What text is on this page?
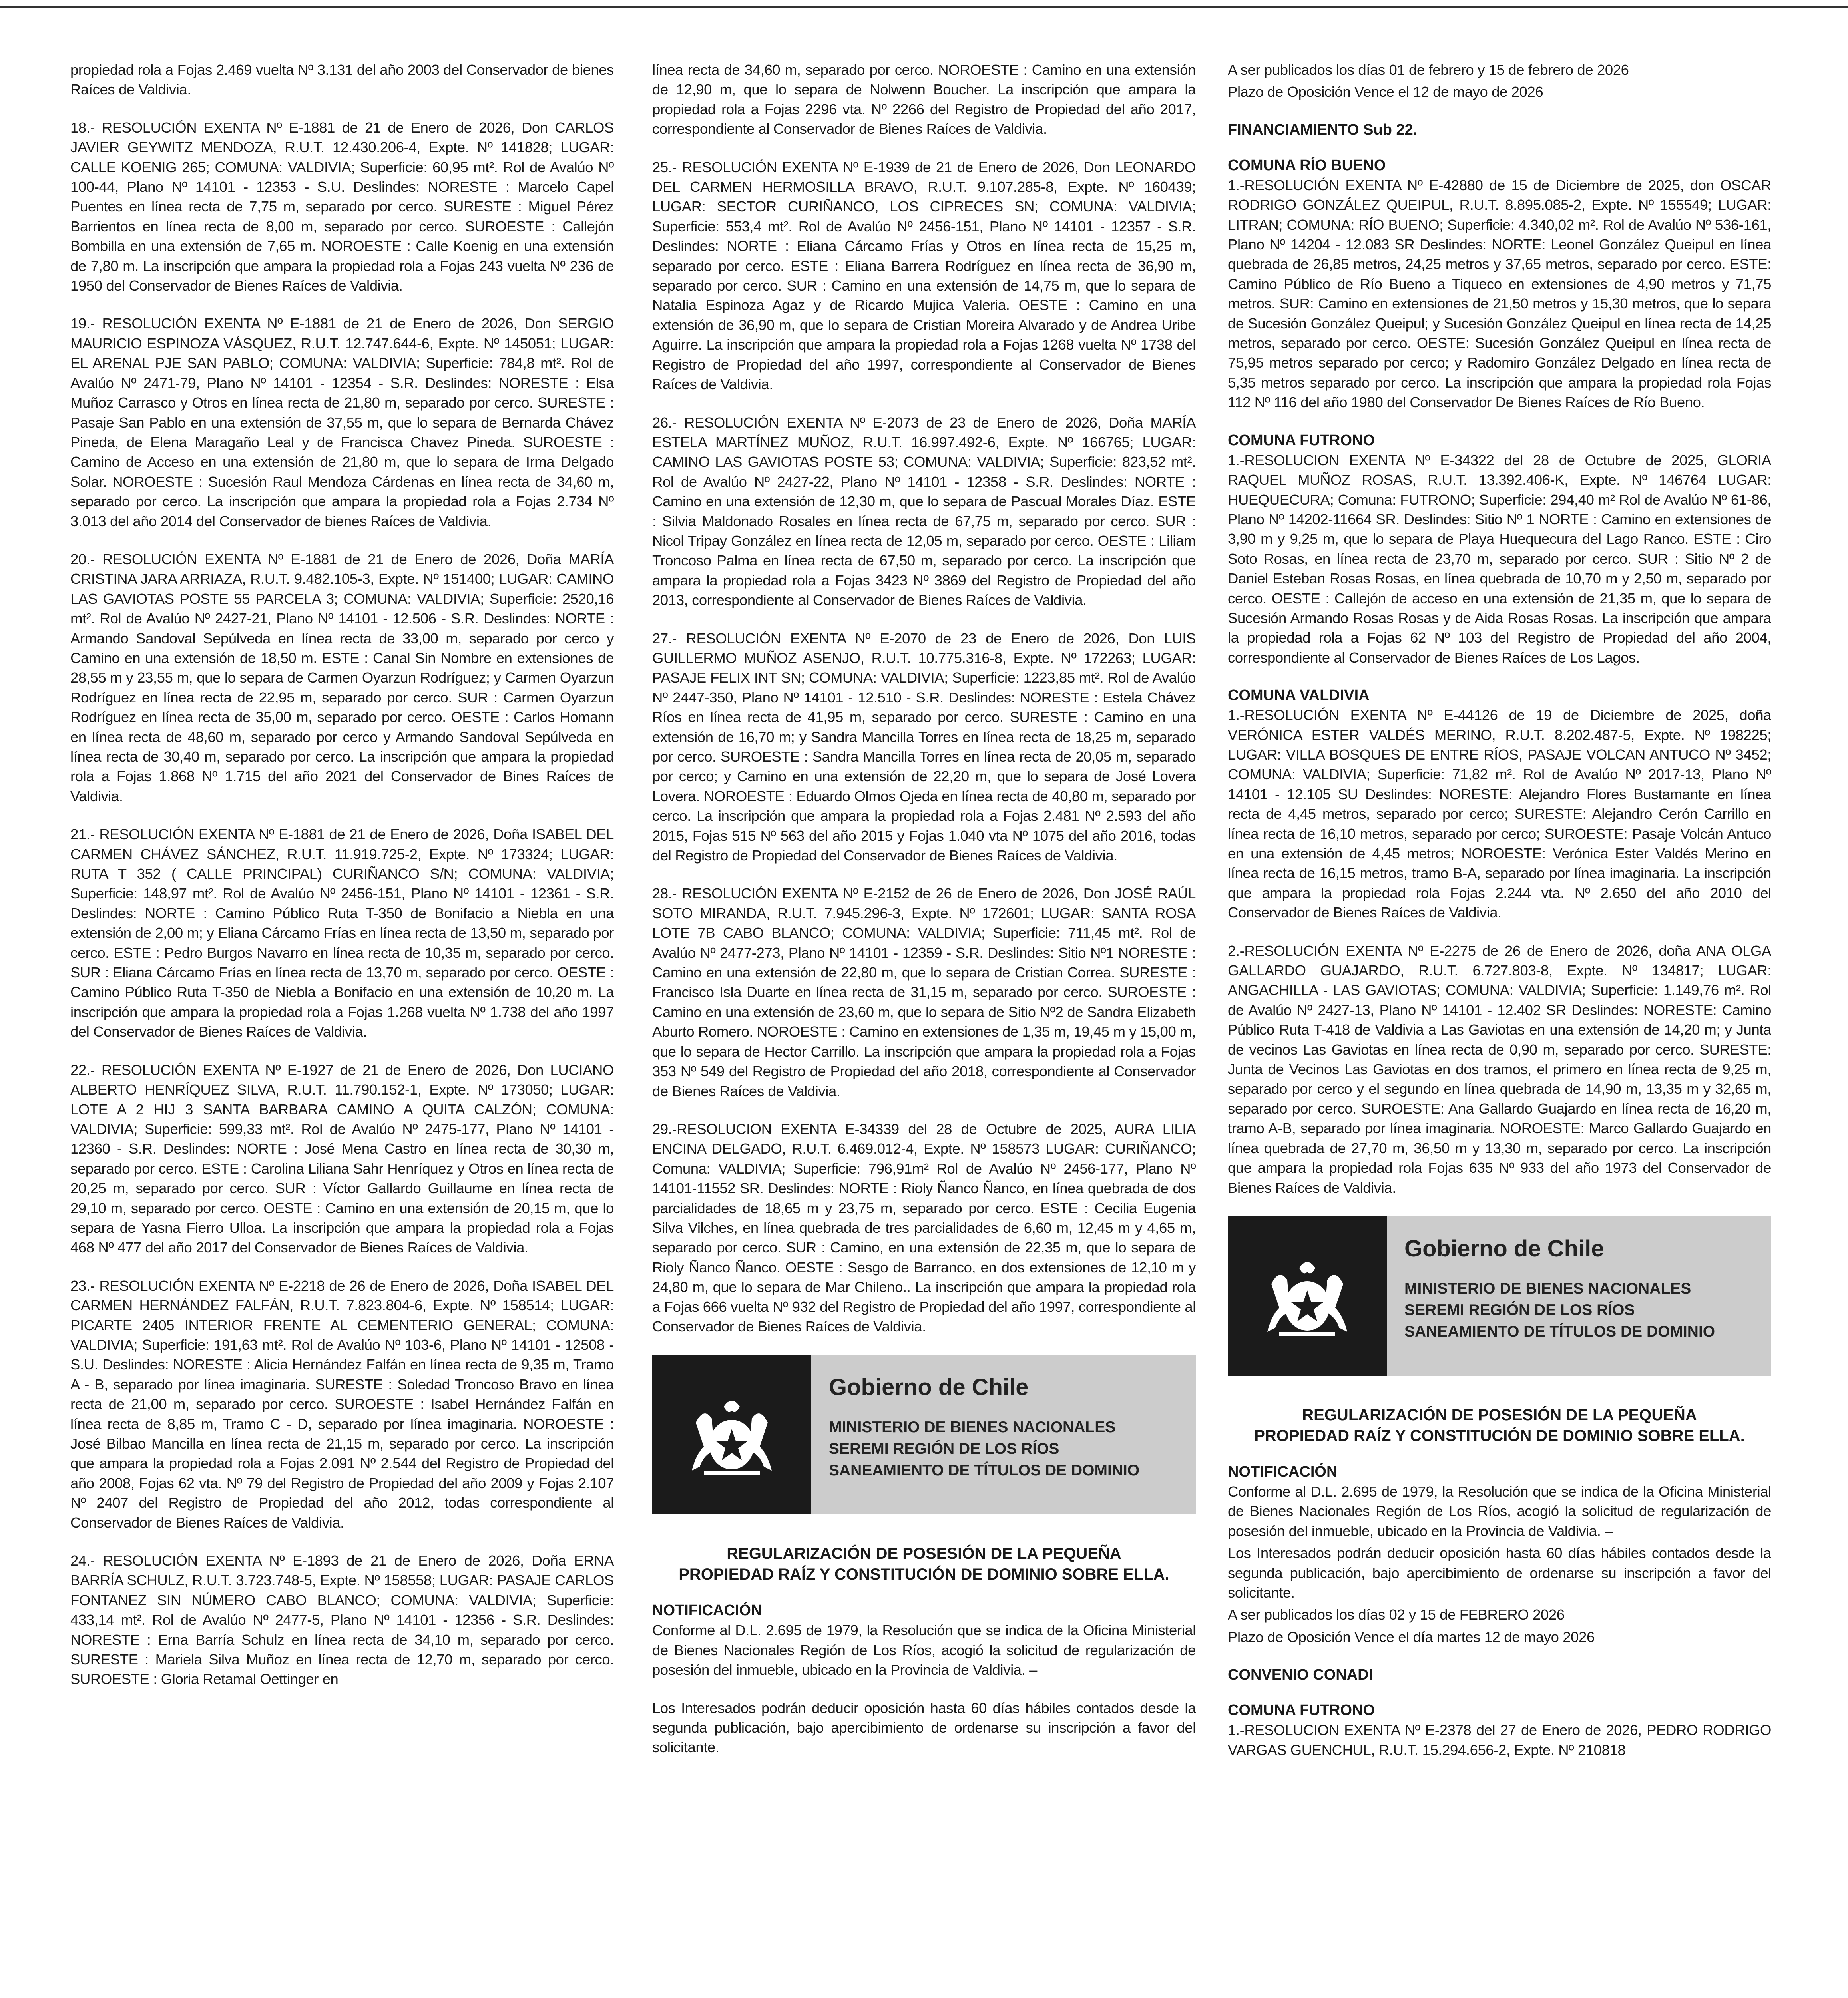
propiedad rola a Fojas 2.469 vuelta Nº 3.131 del año 2003 del Conservador de bienes Raíces de Valdivia.

18.- RESOLUCIÓN EXENTA Nº E-1881 de 21 de Enero de 2026, Don CARLOS JAVIER GEYWITZ MENDOZA, R.U.T. 12.430.206-4, Expte. Nº 141828; LUGAR: CALLE KOENIG 265; COMUNA: VALDIVIA; Superficie: 60,95 mt². Rol de Avalúo Nº 100-44, Plano Nº 14101 - 12353 - S.U. Deslindes: NORESTE : Marcelo Capel Puentes en línea recta de 7,75 m, separado por cerco. SURESTE : Miguel Pérez Barrientos en línea recta de 8,00 m, separado por cerco. SUROESTE : Callejón Bombilla en una extensión de 7,65 m. NOROESTE : Calle Koenig en una extensión de 7,80 m. La inscripción que ampara la propiedad rola a Fojas 243 vuelta Nº 236 de 1950 del Conservador de Bienes Raíces de Valdivia.

19.- RESOLUCIÓN EXENTA Nº E-1881 de 21 de Enero de 2026, Don SERGIO MAURICIO ESPINOZA VÁSQUEZ, R.U.T. 12.747.644-6, Expte. Nº 145051; LUGAR: EL ARENAL PJE SAN PABLO; COMUNA: VALDIVIA; Superficie: 784,8 mt². Rol de Avalúo Nº 2471-79, Plano Nº 14101 - 12354 - S.R. Deslindes: NORESTE : Elsa Muñoz Carrasco y Otros en línea recta de 21,80 m, separado por cerco. SURESTE : Pasaje San Pablo en una extensión de 37,55 m, que lo separa de Bernarda Chávez Pineda, de Elena Maragaño Leal y de Francisca Chavez Pineda. SUROESTE : Camino de Acceso en una extensión de 21,80 m, que lo separa de Irma Delgado Solar. NOROESTE : Sucesión Raul Mendoza Cárdenas en línea recta de 34,60 m, separado por cerco. La inscripción que ampara la propiedad rola a Fojas 2.734 Nº 3.013 del año 2014 del Conservador de bienes Raíces de Valdivia.

20.- RESOLUCIÓN EXENTA Nº E-1881 de 21 de Enero de 2026, Doña MARÍA CRISTINA JARA ARRIAZA, R.U.T. 9.482.105-3, Expte. Nº 151400; LUGAR: CAMINO LAS GAVIOTAS POSTE 55 PARCELA 3; COMUNA: VALDIVIA; Superficie: 2520,16 mt². Rol de Avalúo Nº 2427-21, Plano Nº 14101 - 12.506 - S.R. Deslindes: NORTE : Armando Sandoval Sepúlveda en línea recta de 33,00 m, separado por cerco y Camino en una extensión de 18,50 m. ESTE : Canal Sin Nombre en extensiones de 28,55 m y 23,55 m, que lo separa de Carmen Oyarzun Rodríguez; y Carmen Oyarzun Rodríguez en línea recta de 22,95 m, separado por cerco. SUR : Carmen Oyarzun Rodríguez en línea recta de 35,00 m, separado por cerco. OESTE : Carlos Homann en línea recta de 48,60 m, separado por cerco y Armando Sandoval Sepúlveda en línea recta de 30,40 m, separado por cerco. La inscripción que ampara la propiedad rola a Fojas 1.868 Nº 1.715 del año 2021 del Conservador de Bines Raíces de Valdivia.

21.- RESOLUCIÓN EXENTA Nº E-1881 de 21 de Enero de 2026, Doña ISABEL DEL CARMEN CHÁVEZ SÁNCHEZ, R.U.T. 11.919.725-2, Expte. Nº 173324; LUGAR: RUTA T 352 ( CALLE PRINCIPAL) CURIÑANCO S/N; COMUNA: VALDIVIA; Superficie: 148,97 mt². Rol de Avalúo Nº 2456-151, Plano Nº 14101 - 12361 - S.R. Deslindes: NORTE : Camino Público Ruta T-350 de Bonifacio a Niebla en una extensión de 2,00 m; y Eliana Cárcamo Frías en línea recta de 13,50 m, separado por cerco. ESTE : Pedro Burgos Navarro en línea recta de 10,35 m, separado por cerco. SUR : Eliana Cárcamo Frías en línea recta de 13,70 m, separado por cerco. OESTE : Camino Público Ruta T-350 de Niebla a Bonifacio en una extensión de 10,20 m. La inscripción que ampara la propiedad rola a Fojas 1.268 vuelta Nº 1.738 del año 1997 del Conservador de Bienes Raíces de Valdivia.

22.- RESOLUCIÓN EXENTA Nº E-1927 de 21 de Enero de 2026, Don LUCIANO ALBERTO HENRÍQUEZ SILVA, R.U.T. 11.790.152-1, Expte. Nº 173050; LUGAR: LOTE A 2 HIJ 3 SANTA BARBARA CAMINO A QUITA CALZÓN; COMUNA: VALDIVIA; Superficie: 599,33 mt². Rol de Avalúo Nº 2475-177, Plano Nº 14101 - 12360 - S.R. Deslindes: NORTE : José Mena Castro en línea recta de 30,30 m, separado por cerco. ESTE : Carolina Liliana Sahr Henríquez y Otros en línea recta de 20,25 m, separado por cerco. SUR : Víctor Gallardo Guillaume en línea recta de 29,10 m, separado por cerco. OESTE : Camino en una extensión de 20,15 m, que lo separa de Yasna Fierro Ulloa. La inscripción que ampara la propiedad rola a Fojas 468 Nº 477 del año 2017 del Conservador de Bienes Raíces de Valdivia.

23.- RESOLUCIÓN EXENTA Nº E-2218 de 26 de Enero de 2026, Doña ISABEL DEL CARMEN HERNÁNDEZ FALFÁN, R.U.T. 7.823.804-6, Expte. Nº 158514; LUGAR: PICARTE 2405 INTERIOR FRENTE AL CEMENTERIO GENERAL; COMUNA: VALDIVIA; Superficie: 191,63 mt². Rol de Avalúo Nº 103-6, Plano Nº 14101 - 12508 - S.U. Deslindes: NORESTE : Alicia Hernández Falfán en línea recta de 9,35 m, Tramo A - B, separado por línea imaginaria. SURESTE : Soledad Troncoso Bravo en línea recta de 21,00 m, separado por cerco. SUROESTE : Isabel Hernández Falfán en línea recta de 8,85 m, Tramo C - D, separado por línea imaginaria. NOROESTE : José Bilbao Mancilla en línea recta de 21,15 m, separado por cerco. La inscripción que ampara la propiedad rola a Fojas 2.091 Nº 2.544 del Registro de Propiedad del año 2008, Fojas 62 vta. Nº 79 del Registro de Propiedad del año 2009 y Fojas 2.107 Nº 2407 del Registro de Propiedad del año 2012, todas correspondiente al Conservador de Bienes Raíces de Valdivia.

24.- RESOLUCIÓN EXENTA Nº E-1893 de 21 de Enero de 2026, Doña ERNA BARRÍA SCHULZ, R.U.T. 3.723.748-5, Expte. Nº 158558; LUGAR: PASAJE CARLOS FONTANEZ SIN NÚMERO CABO BLANCO; COMUNA: VALDIVIA; Superficie: 433,14 mt². Rol de Avalúo Nº 2477-5, Plano Nº 14101 - 12356 - S.R. Deslindes: NORESTE : Erna Barría Schulz en línea recta de 34,10 m, separado por cerco. SURESTE : Mariela Silva Muñoz en línea recta de 12,70 m, separado por cerco. SUROESTE : Gloria Retamal Oettinger en

línea recta de 34,60 m, separado por cerco. NOROESTE : Camino en una extensión de 12,90 m, que lo separa de Nolwenn Boucher. La inscripción que ampara la propiedad rola a Fojas 2296 vta. Nº 2266 del Registro de Propiedad del año 2017, correspondiente al Conservador de Bienes Raíces de Valdivia.

25.- RESOLUCIÓN EXENTA Nº E-1939 de 21 de Enero de 2026, Don LEONARDO DEL CARMEN HERMOSILLA BRAVO, R.U.T. 9.107.285-8, Expte. Nº 160439; LUGAR: SECTOR CURIÑANCO, LOS CIPRECES SN; COMUNA: VALDIVIA; Superficie: 553,4 mt². Rol de Avalúo Nº 2456-151, Plano Nº 14101 - 12357 - S.R. Deslindes: NORTE : Eliana Cárcamo Frías y Otros en línea recta de 15,25 m, separado por cerco. ESTE : Eliana Barrera Rodríguez en línea recta de 36,90 m, separado por cerco. SUR : Camino en una extensión de 14,75 m, que lo separa de Natalia Espinoza Agaz y de Ricardo Mujica Valeria. OESTE : Camino en una extensión de 36,90 m, que lo separa de Cristian Moreira Alvarado y de Andrea Uribe Aguirre. La inscripción que ampara la propiedad rola a Fojas 1268 vuelta Nº 1738 del Registro de Propiedad del año 1997, correspondiente al Conservador de Bienes Raíces de Valdivia.

26.- RESOLUCIÓN EXENTA Nº E-2073 de 23 de Enero de 2026, Doña MARÍA ESTELA MARTÍNEZ MUÑOZ, R.U.T. 16.997.492-6, Expte. Nº 166765; LUGAR: CAMINO LAS GAVIOTAS POSTE 53; COMUNA: VALDIVIA; Superficie: 823,52 mt². Rol de Avalúo Nº 2427-22, Plano Nº 14101 - 12358 - S.R. Deslindes: NORTE : Camino en una extensión de 12,30 m, que lo separa de Pascual Morales Díaz. ESTE : Silvia Maldonado Rosales en línea recta de 67,75 m, separado por cerco. SUR : Nicol Tripay González en línea recta de 12,05 m, separado por cerco. OESTE : Liliam Troncoso Palma en línea recta de 67,50 m, separado por cerco. La inscripción que ampara la propiedad rola a Fojas 3423 Nº 3869 del Registro de Propiedad del año 2013, correspondiente al Conservador de Bienes Raíces de Valdivia.

27.- RESOLUCIÓN EXENTA Nº E-2070 de 23 de Enero de 2026, Don LUIS GUILLERMO MUÑOZ ASENJO, R.U.T. 10.775.316-8, Expte. Nº 172263; LUGAR: PASAJE FELIX INT SN; COMUNA: VALDIVIA; Superficie: 1223,85 mt². Rol de Avalúo Nº 2447-350, Plano Nº 14101 - 12.510 - S.R. Deslindes: NORESTE : Estela Chávez Ríos en línea recta de 41,95 m, separado por cerco. SURESTE : Camino en una extensión de 16,70 m; y Sandra Mancilla Torres en línea recta de 18,25 m, separado por cerco. SUROESTE : Sandra Mancilla Torres en línea recta de 20,05 m, separado por cerco; y Camino en una extensión de 22,20 m, que lo separa de José Lovera Lovera. NOROESTE : Eduardo Olmos Ojeda en línea recta de 40,80 m, separado por cerco. La inscripción que ampara la propiedad rola a Fojas 2.481 Nº 2.593 del año 2015, Fojas 515 Nº 563 del año 2015 y Fojas 1.040 vta Nº 1075 del año 2016, todas del Registro de Propiedad del Conservador de Bienes Raíces de Valdivia.

28.- RESOLUCIÓN EXENTA Nº E-2152 de 26 de Enero de 2026, Don JOSÉ RAÚL SOTO MIRANDA, R.U.T. 7.945.296-3, Expte. Nº 172601; LUGAR: SANTA ROSA LOTE 7B CABO BLANCO; COMUNA: VALDIVIA; Superficie: 711,45 mt². Rol de Avalúo Nº 2477-273, Plano Nº 14101 - 12359 - S.R. Deslindes: Sitio Nº1 NORESTE : Camino en una extensión de 22,80 m, que lo separa de Cristian Correa. SURESTE : Francisco Isla Duarte en línea recta de 31,15 m, separado por cerco. SUROESTE : Camino en una extensión de 23,60 m, que lo separa de Sitio Nº2 de Sandra Elizabeth Aburto Romero. NOROESTE : Camino en extensiones de 1,35 m, 19,45 m y 15,00 m, que lo separa de Hector Carrillo. La inscripción que ampara la propiedad rola a Fojas 353 Nº 549 del Registro de Propiedad del año 2018, correspondiente al Conservador de Bienes Raíces de Valdivia.

29.-RESOLUCION EXENTA E-34339 del 28 de Octubre de 2025, AURA LILIA ENCINA DELGADO, R.U.T. 6.469.012-4, Expte. Nº 158573 LUGAR: CURIÑANCO; Comuna: VALDIVIA; Superficie: 796,91m² Rol de Avalúo Nº 2456-177, Plano Nº 14101-11552 SR. Deslindes: NORTE : Rioly Ñanco Ñanco, en línea quebrada de dos parcialidades de 18,65 m y 23,75 m, separado por cerco. ESTE : Cecilia Eugenia Silva Vilches, en línea quebrada de tres parcialidades de 6,60 m, 12,45 m y 4,65 m, separado por cerco. SUR : Camino, en una extensión de 22,35 m, que lo separa de Rioly Ñanco Ñanco. OESTE : Sesgo de Barranco, en dos extensiones de 12,10 m y 24,80 m, que lo separa de Mar Chileno.. La inscripción que ampara la propiedad rola a Fojas 666 vuelta Nº 932 del Registro de Propiedad del año 1997, correspondiente al Conservador de Bienes Raíces de Valdivia.

Gobierno de Chile

MINISTERIO DE BIENES NACIONALES

SEREMI REGIÓN DE LOS RÍOS

SANEAMIENTO DE TÍTULOS DE DOMINIO

REGULARIZACIÓN DE POSESIÓN DE LA PEQUEÑA
PROPIEDAD RAÍZ Y CONSTITUCIÓN DE DOMINIO SOBRE ELLA.

NOTIFICACIÓN

Conforme al D.L. 2.695 de 1979, la Resolución que se indica de la Oficina Ministerial de Bienes Nacionales Región de Los Ríos, acogió la solicitud de regularización de posesión del inmueble, ubicado en la Provincia de Valdivia. –

Los Interesados podrán deducir oposición hasta 60 días hábiles contados desde la segunda publicación, bajo apercibimiento de ordenarse su inscripción a favor del solicitante.

A ser publicados los días 01 de febrero y 15 de febrero de 2026

Plazo de Oposición Vence el 12 de mayo de 2026

FINANCIAMIENTO Sub 22.

COMUNA RÍO BUENO

1.-RESOLUCIÓN EXENTA Nº E-42880 de 15 de Diciembre de 2025, don OSCAR RODRIGO GONZÁLEZ QUEIPUL, R.U.T. 8.895.085-2, Expte. Nº 155549; LUGAR: LITRAN; COMUNA: RÍO BUENO; Superficie: 4.340,02 m². Rol de Avalúo Nº 536-161, Plano Nº 14204 - 12.083 SR Deslindes: NORTE: Leonel González Queipul en línea quebrada de 26,85 metros, 24,25 metros y 37,65 metros, separado por cerco. ESTE: Camino Público de Río Bueno a Tiqueco en extensiones de 4,90 metros y 71,75 metros. SUR: Camino en extensiones de 21,50 metros y 15,30 metros, que lo separa de Sucesión González Queipul; y Sucesión González Queipul en línea recta de 14,25 metros, separado por cerco. OESTE: Sucesión González Queipul en línea recta de 75,95 metros separado por cerco; y Radomiro González Delgado en línea recta de 5,35 metros separado por cerco. La inscripción que ampara la propiedad rola Fojas 112 Nº 116 del año 1980 del Conservador De Bienes Raíces de Río Bueno.

COMUNA FUTRONO

1.-RESOLUCION EXENTA Nº E-34322 del 28 de Octubre de 2025, GLORIA RAQUEL MUÑOZ ROSAS, R.U.T. 13.392.406-K, Expte. Nº 146764 LUGAR: HUEQUECURA; Comuna: FUTRONO; Superficie: 294,40 m² Rol de Avalúo Nº 61-86, Plano Nº 14202-11664 SR. Deslindes: Sitio Nº 1 NORTE : Camino en extensiones de 3,90 m y 9,25 m, que lo separa de Playa Huequecura del Lago Ranco. ESTE : Ciro Soto Rosas, en línea recta de 23,70 m, separado por cerco. SUR : Sitio Nº 2 de Daniel Esteban Rosas Rosas, en línea quebrada de 10,70 m y 2,50 m, separado por cerco. OESTE : Callejón de acceso en una extensión de 21,35 m, que lo separa de Sucesión Armando Rosas Rosas y de Aida Rosas Rosas. La inscripción que ampara la propiedad rola a Fojas 62 Nº 103 del Registro de Propiedad del año 2004, correspondiente al Conservador de Bienes Raíces de Los Lagos.

COMUNA VALDIVIA

1.-RESOLUCIÓN EXENTA Nº E-44126 de 19 de Diciembre de 2025, doña VERÓNICA ESTER VALDÉS MERINO, R.U.T. 8.202.487-5, Expte. Nº 198225; LUGAR: VILLA BOSQUES DE ENTRE RÍOS, PASAJE VOLCAN ANTUCO Nº 3452; COMUNA: VALDIVIA; Superficie: 71,82 m². Rol de Avalúo Nº 2017-13, Plano Nº 14101 - 12.105 SU Deslindes: NORESTE: Alejandro Flores Bustamante en línea recta de 4,45 metros, separado por cerco; SURESTE: Alejandro Cerón Carrillo en línea recta de 16,10 metros, separado por cerco; SUROESTE: Pasaje Volcán Antuco en una extensión de 4,45 metros; NOROESTE: Verónica Ester Valdés Merino en línea recta de 16,15 metros, tramo B-A, separado por línea imaginaria. La inscripción que ampara la propiedad rola Fojas 2.244 vta. Nº 2.650 del año 2010 del Conservador de Bienes Raíces de Valdivia.

2.-RESOLUCIÓN EXENTA Nº E-2275 de 26 de Enero de 2026, doña ANA OLGA GALLARDO GUAJARDO, R.U.T. 6.727.803-8, Expte. Nº 134817; LUGAR: ANGACHILLA - LAS GAVIOTAS; COMUNA: VALDIVIA; Superficie: 1.149,76 m². Rol de Avalúo Nº 2427-13, Plano Nº 14101 - 12.402 SR Deslindes: NORESTE: Camino Público Ruta T-418 de Valdivia a Las Gaviotas en una extensión de 14,20 m; y Junta de vecinos Las Gaviotas en línea recta de 0,90 m, separado por cerco. SURESTE: Junta de Vecinos Las Gaviotas en dos tramos, el primero en línea recta de 9,25 m, separado por cerco y el segundo en línea quebrada de 14,90 m, 13,35 m y 32,65 m, separado por cerco. SUROESTE: Ana Gallardo Guajardo en línea recta de 16,20 m, tramo A-B, separado por línea imaginaria. NOROESTE: Marco Gallardo Guajardo en línea quebrada de 27,70 m, 36,50 m y 13,30 m, separado por cerco. La inscripción que ampara la propiedad rola Fojas 635 Nº 933 del año 1973 del Conservador de Bienes Raíces de Valdivia.

Gobierno de Chile

MINISTERIO DE BIENES NACIONALES

SEREMI REGIÓN DE LOS RÍOS

SANEAMIENTO DE TÍTULOS DE DOMINIO

REGULARIZACIÓN DE POSESIÓN DE LA PEQUEÑA
PROPIEDAD RAÍZ Y CONSTITUCIÓN DE DOMINIO SOBRE ELLA.

NOTIFICACIÓN

Conforme al D.L. 2.695 de 1979, la Resolución que se indica de la Oficina Ministerial de Bienes Nacionales Región de Los Ríos, acogió la solicitud de regularización de posesión del inmueble, ubicado en la Provincia de Valdivia. –

Los Interesados podrán deducir oposición hasta 60 días hábiles contados desde la segunda publicación, bajo apercibimiento de ordenarse su inscripción a favor del solicitante.

A ser publicados los días 02 y 15 de FEBRERO 2026

Plazo de Oposición Vence el día martes 12 de mayo 2026

CONVENIO CONADI

COMUNA FUTRONO

1.-RESOLUCION EXENTA Nº E-2378 del 27 de Enero de 2026, PEDRO RODRIGO VARGAS GUENCHUL, R.U.T. 15.294.656-2, Expte. Nº 210818
